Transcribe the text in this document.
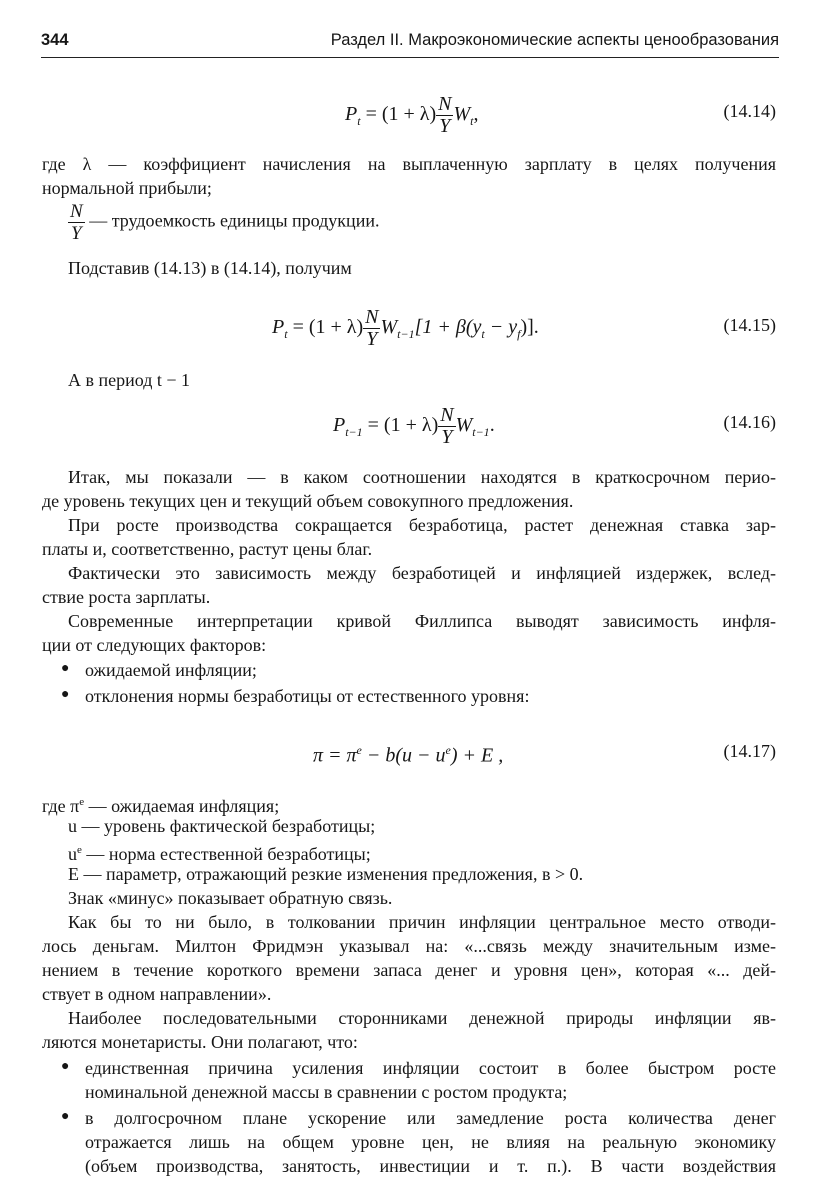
344	Раздел II. Макроэкономические аспекты ценообразования
$P_t = (1 + \lambda) \frac{N}{Y} W_t$,	(14.14)
где λ — коэффициент начисления на выплаченную зарплату в целях получения
нормальной прибыли;
$\frac{N}{Y}$ — трудоемкость единицы продукции.
Подставив (14.13) в (14.14), получим
$P_t = (1 + \lambda) \frac{N}{Y} W_{t-1}[1 + \beta(y_t - y_f)]$.	(14.15)
А в период t − 1
$P_{t-1} = (1 + \lambda) \frac{N}{Y} W_{t-1}$.	(14.16)
Итак, мы показали — в каком соотношении находятся в краткосрочном перио-
де уровень текущих цен и текущий объем совокупного предложения.
При росте производства сокращается безработица, растет денежная ставка зар-
платы и, соответственно, растут цены благ.
Фактически это зависимость между безработицей и инфляцией издержек, вслед-
ствие роста зарплаты.
Современные интерпретации кривой Филлипса выводят зависимость инфля-
ции от следующих факторов:
● ожидаемой инфляции;
● отклонения нормы безработицы от естественного уровня:
$\pi = \pi^e - b(u - u^e) + E$ ,	(14.17)
где $\pi^e$ — ожидаемая инфляция;
u — уровень фактической безработицы;
$u^e$ — норма естественной безработицы;
E — параметр, отражающий резкие изменения предложения, в > 0.
Знак «минус» показывает обратную связь.
Как бы то ни было, в толковании причин инфляции центральное место отводи-
лось деньгам. Милтон Фридмэн указывал на: «...связь между значительным изме-
нением в течение короткого времени запаса денег и уровня цен», которая «... дей-
ствует в одном направлении».
Наиболее последовательными сторонниками денежной природы инфляции яв-
ляются монетаристы. Они полагают, что:
● единственная причина усиления инфляции состоит в более быстром росте
номинальной денежной массы в сравнении с ростом продукта;
● в долгосрочном плане ускорение или замедление роста количества денег
отражается лишь на общем уровне цен, не влияя на реальную экономику
(объем производства, занятость, инвестиции и т. п.). В части воздействия
